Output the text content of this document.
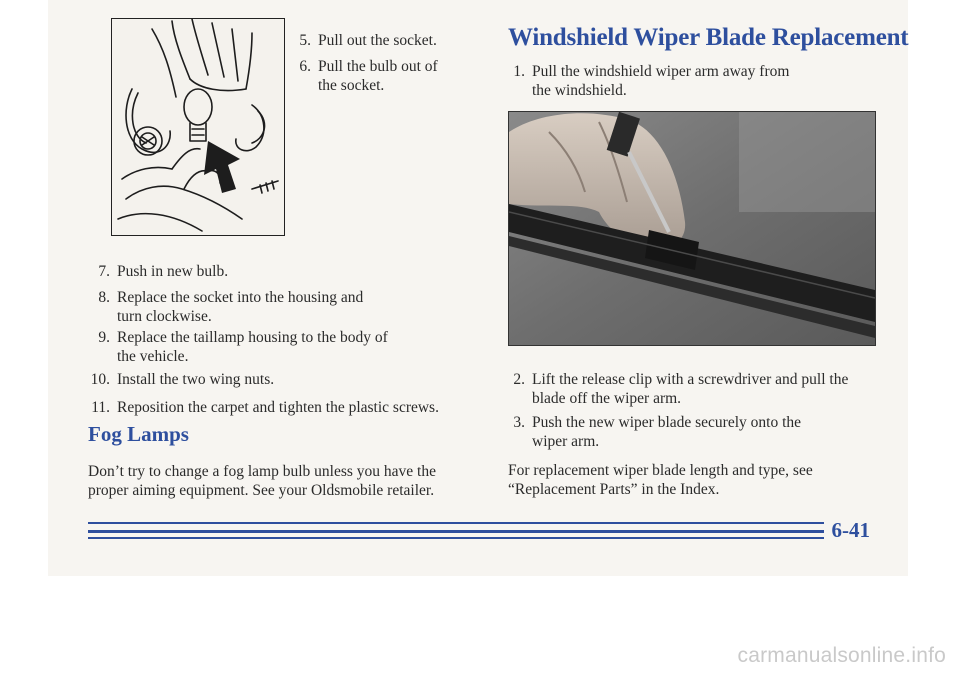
5. Pull out the socket.
6. Pull the bulb out of
the socket.
7. Push in new bulb.
8. Replace the socket into the housing and
turn clockwise.
9. Replace the taillamp housing to the body of
the vehicle.
10. Install the two wing nuts.
11. Reposition the carpet and tighten the plastic screws.
Fog Lamps
Don’t try to change a fog lamp bulb unless you have the
proper aiming equipment. See your Oldsmobile retailer.
Windshield Wiper Blade Replacement
1. Pull the windshield wiper arm away from
the windshield.
2. Lift the release clip with a screwdriver and pull the
blade off the wiper arm.
3. Push the new wiper blade securely onto the
wiper arm.
For replacement wiper blade length and type, see
“Replacement Parts” in the Index.
6-41
carmanualsonline.info
